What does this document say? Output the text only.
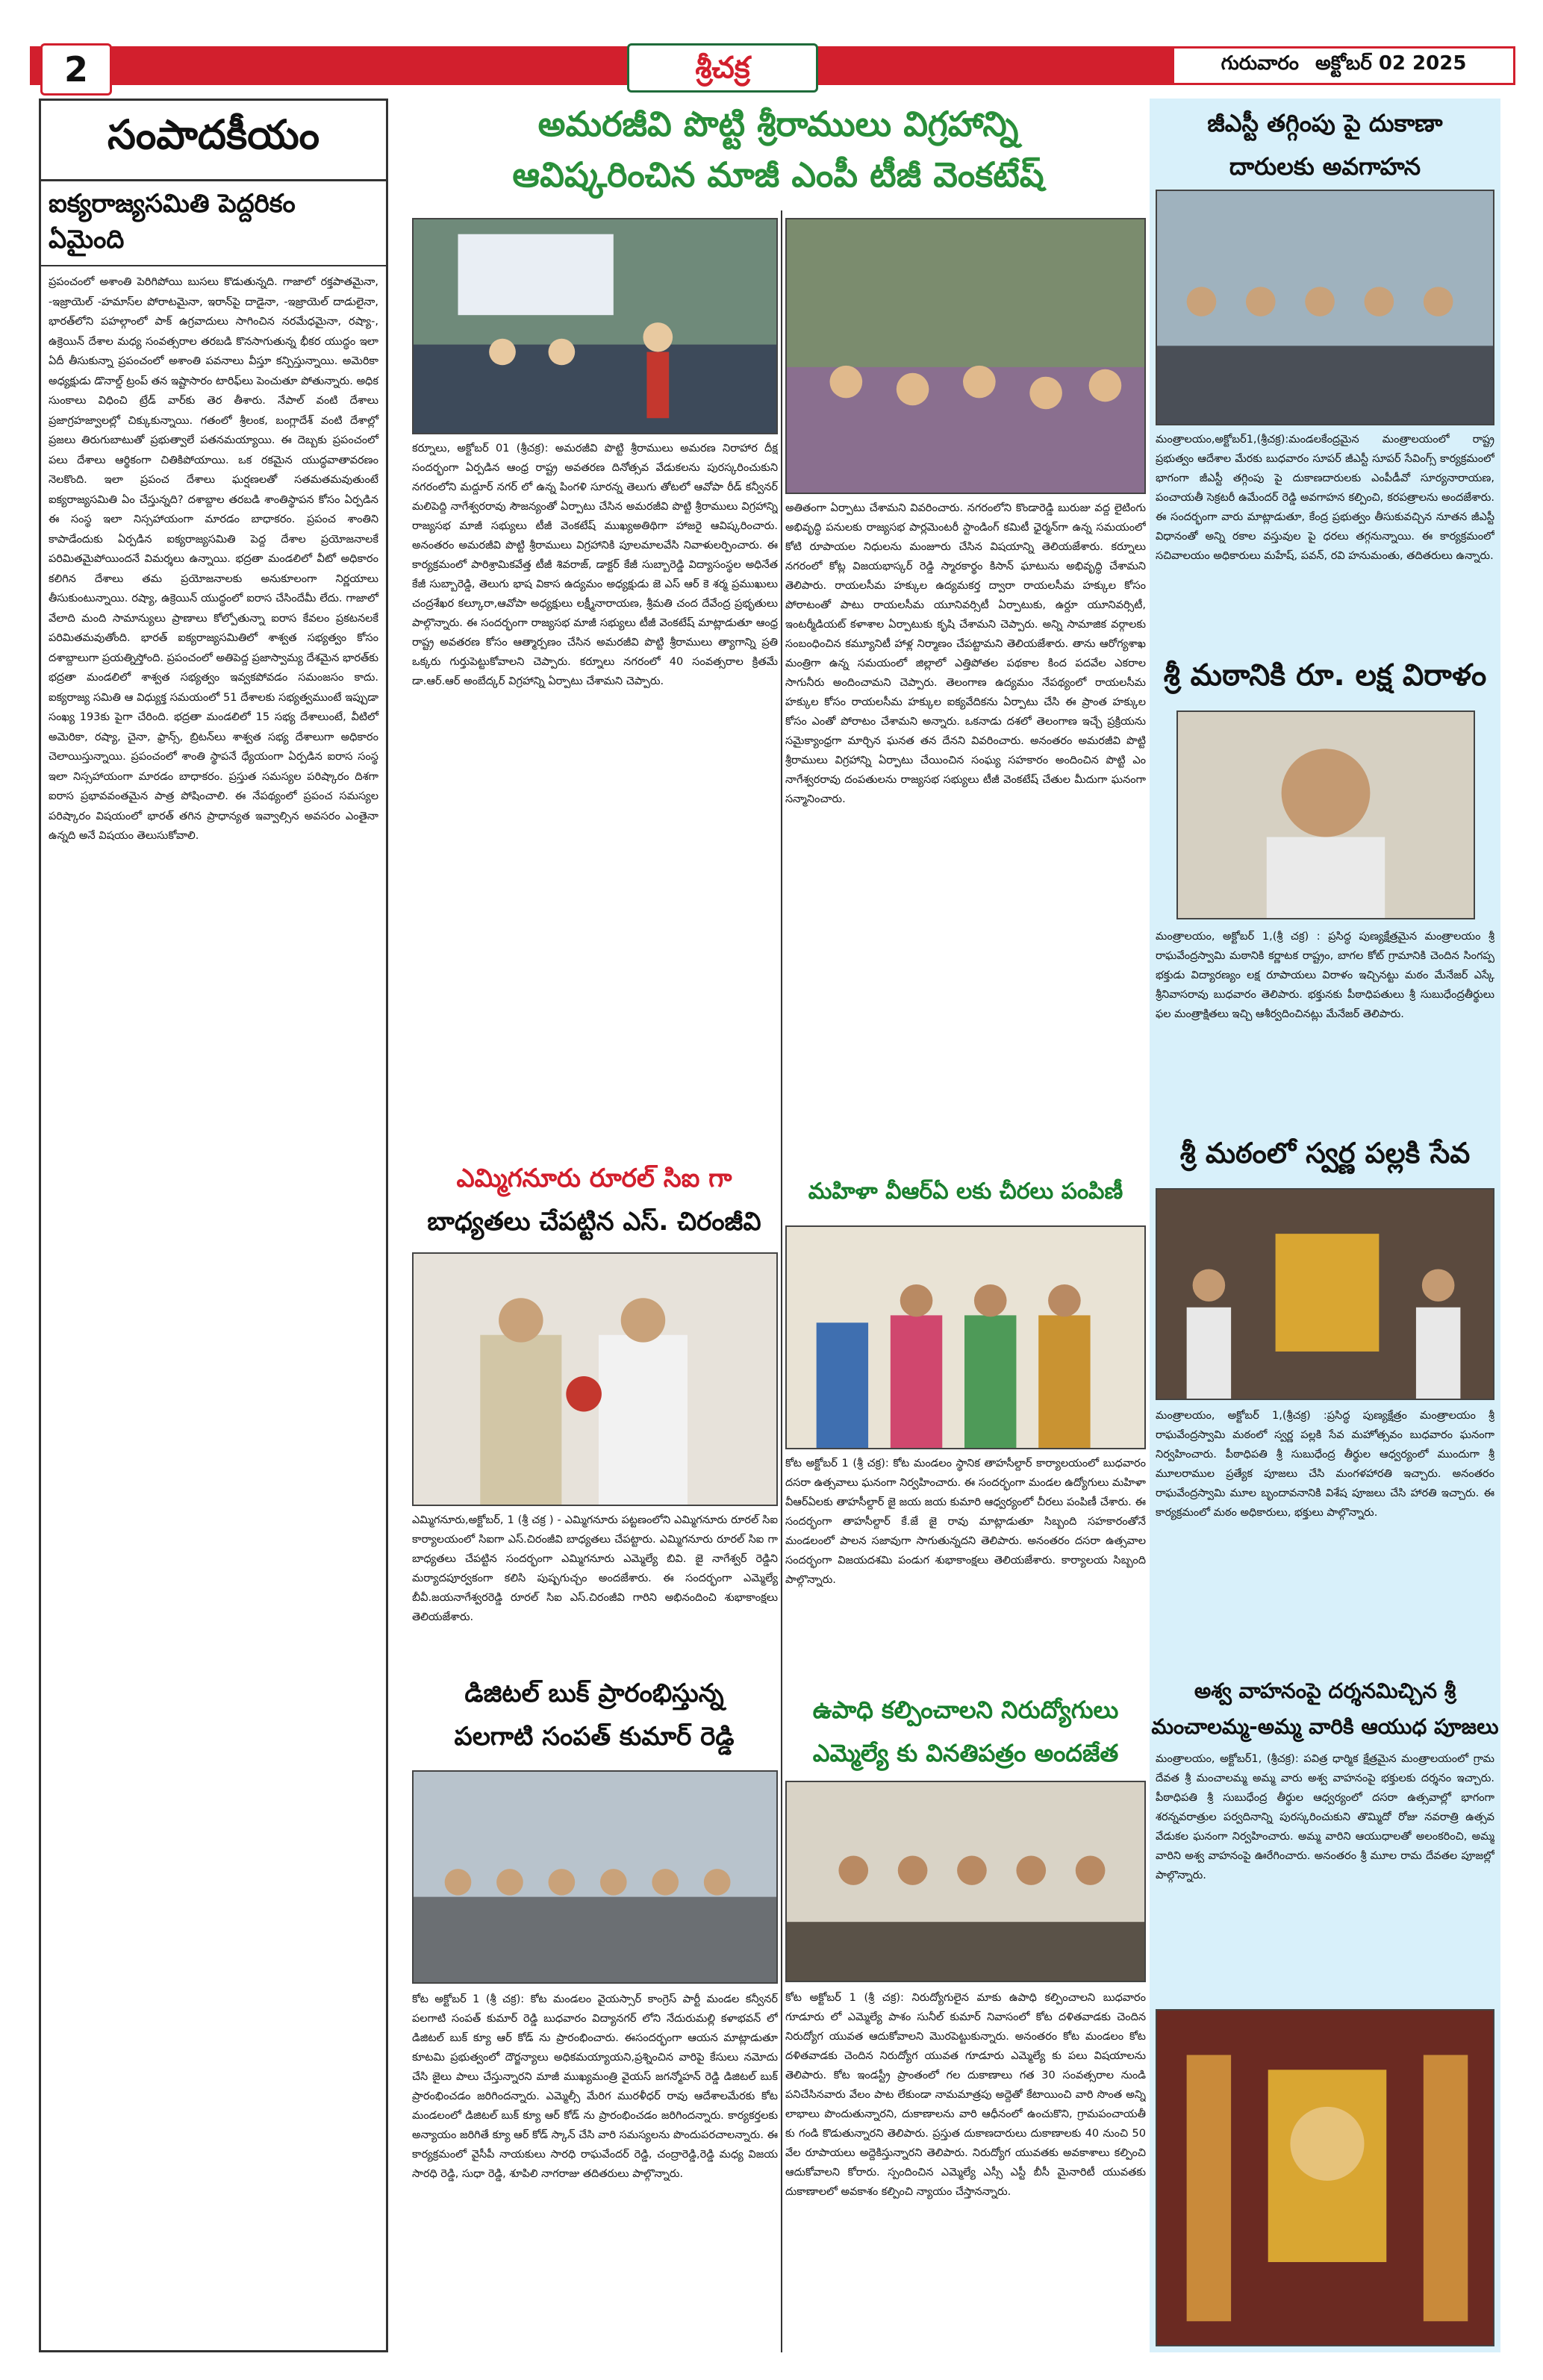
2	శ్రీచక్ర	గురువారం అక్టోబర్ 02 2025
సంపాదకీయం
ఐక్యరాజ్యసమితి పెద్దరికం ఏమైంది
ప్రపంచంలో అశాంతి పెరిగిపోయి బుసలు కొడుతున్నది. గాజాలో రక్తపాతమైనా, -ఇజ్రాయెల్ -హమాస్‌ల పోరాటమైనా, ఇరాన్‌పై దాడైనా, -ఇజ్రాయెల్ దాడులైనా, భారత్‌లోని పహల్గాంలో పాక్ ఉగ్రవాదులు సాగించిన నరమేధమైనా, రష్యా-, ఉక్రెయిన్ దేశాల మధ్య సంవత్సరాల తరబడి కొనసాగుతున్న భీకర యుద్ధం ఇలా ఏదీ తీసుకున్నా ప్రపంచంలో అశాంతి పవనాలు వీస్తూ కన్పిస్తున్నాయి. అమెరికా అధ్యక్షుడు డొనాల్డ్ ట్రంప్ తన ఇష్టాసారం టారిఫ్‌లు పెంచుతూ పోతున్నారు. అధిక సుంకాలు విధించి ట్రేడ్ వార్‌కు తెర తీశారు. నేపాల్ వంటి దేశాలు ప్రజాగ్రహజ్వాలల్లో చిక్కుకున్నాయి. గతంలో శ్రీలంక, బంగ్లాదేశ్ వంటి దేశాల్లో ప్రజలు తిరుగుబాటుతో ప్రభుత్వాలే పతనమయ్యాయి. ఈ దెబ్బకు ప్రపంచంలో పలు దేశాలు ఆర్థికంగా చితికిపోయాయి. ఒక రకమైన యుద్ధవాతావరణం నెలకొంది. ఇలా ప్రపంచ దేశాలు ఘర్షణలతో సతమతమవుతుంటే ఐక్యరాజ్యసమితి ఏం చేస్తున్నది? దశాబ్దాల తరబడి శాంతిస్థాపన కోసం ఏర్పడిన ఈ సంస్థ ఇలా నిస్సహాయంగా మారడం బాధాకరం. ప్రపంచ శాంతిని కాపాడేందుకు ఏర్పడిన ఐక్యరాజ్యసమితి పెద్ద దేశాల ప్రయోజనాలకే పరిమితమైపోయిందనే విమర్శలు ఉన్నాయి. భద్రతా మండలిలో వీటో అధికారం కలిగిన దేశాలు తమ ప్రయోజనాలకు అనుకూలంగా నిర్ణయాలు తీసుకుంటున్నాయి. రష్యా, ఉక్రెయిన్ యుద్ధంలో ఐరాస చేసిందేమీ లేదు. గాజాలో వేలాది మంది సామాన్యులు ప్రాణాలు కోల్పోతున్నా ఐరాస కేవలం ప్రకటనలకే పరిమితమవుతోంది. భారత్ ఐక్యరాజ్యసమితిలో శాశ్వత సభ్యత్వం కోసం దశాబ్దాలుగా ప్రయత్నిస్తోంది. ప్రపంచంలో అతిపెద్ద ప్రజాస్వామ్య దేశమైన భారత్‌కు భద్రతా మండలిలో శాశ్వత సభ్యత్వం ఇవ్వకపోవడం సమంజసం కాదు. ఐక్యరాజ్య సమితి ఆ విధ్యుక్త సమయంలో 51 దేశాలకు సభ్యత్వముంటే ఇప్పుడా సంఖ్య 193కు పైగా చేరింది. భద్రతా మండలిలో 15 సభ్య దేశాలుంటే, వీటిలో అమెరికా, రష్యా, చైనా, ఫ్రాన్స్, బ్రిటన్‌లు శాశ్వత సభ్య దేశాలుగా అధికారం చెలాయిస్తున్నాయి. ప్రపంచంలో శాంతి స్థాపనే ధ్యేయంగా ఏర్పడిన ఐరాస సంస్థ ఇలా నిస్సహాయంగా మారడం బాధాకరం. ప్రస్తుత సమస్యల పరిష్కారం దిశగా ఐరాస ప్రభావవంతమైన పాత్ర పోషించాలి. ఈ నేపథ్యంలో ప్రపంచ సమస్యల పరిష్కారం విషయంలో భారత్ తగిన ప్రాధాన్యత ఇవ్వాల్సిన అవసరం ఎంతైనా ఉన్నది అనే విషయం తెలుసుకోవాలి.
అమరజీవి పొట్టి శ్రీరాములు విగ్రహాన్ని
ఆవిష్కరించిన మాజీ ఎంపీ టీజీ వెంకటేష్
కర్నూలు, అక్టోబర్ 01 (శ్రీచక్ర): అమరజీవి పొట్టి శ్రీరాములు అమరణ నిరాహార దీక్ష సందర్భంగా ఏర్పడిన ఆంధ్ర రాష్ట్ర అవతరణ దినోత్సవ వేడుకలను పురస్కరించుకుని నగరంలోని మద్దూర్ నగర్ లో ఉన్న పింగళి సూరన్న తెలుగు తోటలో ఆవోపా రీడ్ కన్వీనర్ మలిపెద్ది నాగేశ్వరరావు సౌజన్యంతో ఏర్పాటు చేసిన అమరజీవి పొట్టి శ్రీరాములు విగ్రహాన్ని రాజ్యసభ మాజీ సభ్యులు టీజీ వెంకటేష్ ముఖ్యఅతిథిగా హాజరై ఆవిష్కరించారు. అనంతరం అమరజీవి పొట్టి శ్రీరాములు విగ్రహానికి పూలమాలవేసి నివాళులర్పించారు. ఈ కార్యక్రమంలో పారిశ్రామికవేత్త టీజీ శివరాజ్, డాక్టర్ కేజీ సుబ్బారెడ్డి విద్యాసంస్థల అధినేత కేజీ సుబ్బారెడ్డి, తెలుగు భాష వికాస ఉద్యమం అధ్యక్షుడు జె ఎస్ ఆర్ కె శర్మ ప్రముఖులు చంద్రశేఖర కల్కూరా,ఆవోపా అధ్యక్షులు లక్ష్మీనారాయణ, శ్రీమతి చంద దేవేంద్ర ప్రభృతులు పాల్గొన్నారు. ఈ సందర్భంగా రాజ్యసభ మాజీ సభ్యులు టీజీ వెంకటేష్ మాట్లాడుతూ ఆంధ్ర రాష్ట్ర అవతరణ కోసం ఆత్మార్పణం చేసిన అమరజీవి పొట్టి శ్రీరాములు త్యాగాన్ని ప్రతి ఒక్కరు గుర్తుపెట్టుకోవాలని చెప్పారు. కర్నూలు నగరంలో 40 సంవత్సరాల క్రితమే డా.ఆర్.ఆర్ అంబేద్కర్ విగ్రహాన్ని ఏర్పాటు చేశామని చెప్పారు.
అతితంగా ఏర్పాటు చేశామని వివరించారు. నగరంలోని కొండారెడ్డి బురుజు వద్ద లైటింగు అభివృద్ధి పనులకు రాజ్యసభ పార్లమెంటరీ స్టాండింగ్ కమిటీ ఛైర్మన్‌గా ఉన్న సమయంలో కోటి రూపాయల నిధులను మంజూరు చేసిన విషయాన్ని తెలియజేశారు. కర్నూలు నగరంలో కోట్ల విజయభాస్కర్ రెడ్డి స్మారకార్థం కిసాన్ ఘాటును అభివృద్ధి చేశామని తెలిపారు. రాయలసీమ హక్కుల ఉద్యమకర్త ద్వారా రాయలసీమ హక్కుల కోసం పోరాటంతో పాటు రాయలసీమ యూనివర్సిటీ ఏర్పాటుకు, ఉర్దూ యూనివర్సిటీ, ఇంటర్మీడియట్ కళాశాల ఏర్పాటుకు కృషి చేశామని చెప్పారు. అన్ని సామాజిక వర్గాలకు సంబంధించిన కమ్యూనిటీ హాళ్ల నిర్మాణం చేపట్టామని తెలియజేశారు. తాను ఆరోగ్యశాఖ మంత్రిగా ఉన్న సమయంలో జిల్లాలో ఎత్తిపోతల పథకాల కింద పదవేల ఎకరాల సాగునీరు అందించామని చెప్పారు. తెలంగాణ ఉద్యమం నేపథ్యంలో రాయలసీమ హక్కుల కోసం రాయలసీమ హక్కుల ఐక్యవేదికను ఏర్పాటు చేసి ఈ ప్రాంత హక్కుల కోసం ఎంతో పోరాటం చేశామని అన్నారు. ఒకనాడు దశలో తెలంగాణ ఇచ్చే ప్రక్రియను సమైక్యాంధ్రగా మార్చిన ఘనత తన దేనని వివరించారు. అనంతరం అమరజీవి పొట్టి శ్రీరాములు విగ్రహాన్ని ఏర్పాటు చేయించిన సంఘ్య సహకారం అందించిన పొట్టి ఎం నాగేశ్వరరావు దంపతులను రాజ్యసభ సభ్యులు టీజీ వెంకటేష్ చేతుల మీదుగా ఘనంగా సన్మానించారు.
ఎమ్మిగనూరు రూరల్ సిఐ గా
బాధ్యతలు చేపట్టిన ఎస్. చిరంజీవి
ఎమ్మిగనూరు,అక్టోబర్, 1 (శ్రీ చక్ర ) - ఎమ్మిగనూరు పట్టణంలోని ఎమ్మిగనూరు రూరల్ సిఐ కార్యాలయంలో సిఐగా ఎస్.చిరంజీవి బాధ్యతలు చేపట్టారు. ఎమ్మిగనూరు రూరల్ సిఐ గా బాధ్యతలు చేపట్టిన సందర్భంగా ఎమ్మిగనూరు ఎమ్మెల్యే బివి. జై నాగేశ్వర్ రెడ్డిని మర్యాదపూర్వకంగా కలిసి పుష్పగుచ్చం అందజేశారు. ఈ సందర్భంగా ఎమ్మెల్యే బీవీ.జయనాగేశ్వరరెడ్డి రూరల్ సిఐ ఎస్.చిరంజీవి గారిని అభినందించి శుభాకాంక్షలు తెలియజేశారు.
డిజిటల్ బుక్ ప్రారంభిస్తున్న
పలగాటి సంపత్ కుమార్ రెడ్డి
కోట అక్టోబర్ 1 (శ్రీ చక్ర): కోట మండలం వైయస్సార్ కాంగ్రెస్ పార్టీ మండల కన్వీనర్ పలగాటి సంపత్ కుమార్ రెడ్డి బుధవారం విద్యానగర్ లోని నేదురుమల్లి కళాభవన్ లో డిజిటల్ బుక్ క్యూ ఆర్ కోడ్ ను ప్రారంభించారు. ఈసందర్భంగా ఆయన మాట్లాడుతూ కూటమి ప్రభుత్వంలో దౌర్జన్యాలు అధికమయ్యాయని,ప్రశ్నించిన వారిపై కేసులు నమోదు చేసి జైలు పాలు చేస్తున్నారని మాజీ ముఖ్యమంత్రి వైయస్ జగన్మోహన్ రెడ్డి డిజిటల్ బుక్ ప్రారంభించడం జరిగిందన్నారు. ఎమ్మెల్సీ మేరిగ మురళీధర్ రావు ఆదేశాలమేరకు కోట మండలంలో డిజిటల్ బుక్ క్యూ ఆర్ కోడ్ ను ప్రారంభించడం జరిగిందన్నారు. కార్యకర్తలకు అన్యాయం జరిగితే క్యూ ఆర్ కోడ్ స్కాన్ చేసి వారి సమస్యలను పొందుపరచాలన్నారు. ఈ కార్యక్రమంలో వైసీపీ నాయకులు సారధి రాఘవేందర్ రెడ్డి, చంద్రారెడ్డి,రెడ్డి మధ్య విజయ సారధి రెడ్డి, సుధా రెడ్డి, శూపిలి నాగరాజు తదితరులు పాల్గొన్నారు.
మహిళా వీఆర్ఏ లకు చీరలు పంపిణీ
కోట అక్టోబర్ 1 (శ్రీ చక్ర): కోట మండలం స్థానిక తాహసీల్దార్ కార్యాలయంలో బుధవారం దసరా ఉత్సవాలు ఘనంగా నిర్వహించారు. ఈ సందర్భంగా మండల ఉద్యోగులు మహిళా వీఆర్ఏలకు తాహసీల్దార్ జై జయ జయ కుమారి ఆధ్వర్యంలో చీరలు పంపిణీ చేశారు. ఈ సందర్భంగా తాహసీల్దార్ కే.జే జై రావు మాట్లాడుతూ సిబ్బంది సహకారంతోనే మండలంలో పాలన సజావుగా సాగుతున్నదని తెలిపారు. అనంతరం దసరా ఉత్సవాల సందర్భంగా విజయదశమి పండుగ శుభాకాంక్షలు తెలియజేశారు. కార్యాలయ సిబ్బంది పాల్గొన్నారు.
ఉపాధి కల్పించాలని నిరుద్యోగులు
ఎమ్మెల్యే కు వినతిపత్రం అందజేత
కోట అక్టోబర్ 1 (శ్రీ చక్ర): నిరుద్యోగులైన మాకు ఉపాధి కల్పించాలని బుధవారం గూడూరు లో ఎమ్మెల్యే పాశం సునీల్ కుమార్ నివాసంలో కోట దళితవాడకు చెందిన నిరుద్యోగ యువత ఆదుకోవాలని మొరపెట్టుకున్నారు. అనంతరం కోట మండలం కోట దళితవాడకు చెందిన నిరుద్యోగ యువత గూడూరు ఎమ్మెల్యే కు పలు విషయాలను తెలిపారు. కోట ఇండస్ట్రీ ప్రాంతంలో గల దుకాణాలు గత 30 సంవత్సరాల నుండి పనిచేసినవారు వేలం పాట లేకుండా నామమాత్రపు అద్దెతో కేటాయించి వారి సొంత అన్ని లాభాలు పొందుతున్నారని, దుకాణాలను వారి ఆధీనంలో ఉంచుకొని, గ్రామపంచాయతీ కు గండి కొడుతున్నారని తెలిపారు. ప్రస్తుత దుకాణదారులు దుకాణాలకు 40 నుంచి 50 వేల రూపాయలు అద్దెకిస్తున్నారని తెలిపారు. నిరుద్యోగ యువతకు అవకాశాలు కల్పించి ఆదుకోవాలని కోరారు. స్పందించిన ఎమ్మెల్యే ఎస్సీ ఎస్టీ బీసీ మైనారిటీ యువతకు దుకాణాలలో అవకాశం కల్పించి న్యాయం చేస్తానన్నారు.
జీఎస్టీ తగ్గింపు పై దుకాణా
దారులకు అవగాహన
మంత్రాలయం,అక్టోబర్1,(శ్రీచక్ర):మండలకేంద్రమైన మంత్రాలయంలో రాష్ట్ర ప్రభుత్వం ఆదేశాల మేరకు బుధవారం సూపర్ జీఎస్టీ సూపర్ సేవింగ్స్ కార్యక్రమంలో భాగంగా జీఎస్టీ తగ్గింపు పై దుకాణదారులకు ఎంపీడీవో సూర్యనారాయణ, పంచాయతీ సెక్రటరీ ఉమేందర్ రెడ్డి అవగాహన కల్పించి, కరపత్రాలను అందజేశారు. ఈ సందర్భంగా వారు మాట్లాడుతూ, కేంద్ర ప్రభుత్వం తీసుకువచ్చిన నూతన జీఎస్టీ విధానంతో అన్ని రకాల వస్తువుల పై ధరలు తగ్గనున్నాయి. ఈ కార్యక్రమంలో సచివాలయం అధికారులు మహేష్, పవన్, రవి హనుమంతు, తదితరులు ఉన్నారు.
శ్రీ మఠానికి రూ. లక్ష విరాళం
మంత్రాలయం, అక్టోబర్ 1,(శ్రీ చక్ర) : ప్రసిద్ధ పుణ్యక్షేత్రమైన మంత్రాలయం శ్రీ రాఘవేంద్రస్వామి మఠానికి కర్ణాటక రాష్ట్రం, బాగల కోట్ గ్రామానికి చెందిన సింగప్ప భక్తుడు విద్యారణ్యం లక్ష రూపాయలు విరాళం ఇచ్చినట్టు మఠం మేనేజర్ ఎస్కే శ్రీనివాసరావు బుధవారం తెలిపారు. భక్తునకు పీఠాధిపతులు శ్రీ సుబుధేంద్రతీర్థులు ఫల మంత్రాక్షితలు ఇచ్చి ఆశీర్వదించినట్లు మేనేజర్ తెలిపారు.
శ్రీ మఠంలో స్వర్ణ పల్లకి సేవ
మంత్రాలయం, అక్టోబర్ 1,(శ్రీచక్ర) :ప్రసిద్ధ పుణ్యక్షేత్రం మంత్రాలయం శ్రీ రాఘవేంద్రస్వామి మఠంలో స్వర్ణ పల్లకి సేవ మహోత్సవం బుధవారం ఘనంగా నిర్వహించారు. పీఠాధిపతి శ్రీ సుబుధేంద్ర తీర్థుల ఆధ్వర్యంలో ముందుగా శ్రీ మూలరాముల ప్రత్యేక పూజలు చేసి మంగళహారతి ఇచ్చారు. అనంతరం రాఘవేంద్రస్వామి మూల బృందావనానికి విశేష పూజలు చేసి హారతి ఇచ్చారు. ఈ కార్యక్రమంలో మఠం అధికారులు, భక్తులు పాల్గొన్నారు.
అశ్వ వాహనంపై దర్శనమిచ్చిన శ్రీ
మంచాలమ్మ-అమ్మ వారికి ఆయుధ పూజలు
మంత్రాలయం, అక్టోబర్1, (శ్రీచక్ర): పవిత్ర ధార్మిక క్షేత్రమైన మంత్రాలయంలో గ్రామ దేవత శ్రీ మంచాలమ్మ అమ్మ వారు అశ్వ వాహనంపై భక్తులకు దర్శనం ఇచ్చారు. పీఠాధిపతి శ్రీ సుబుధేంద్ర తీర్థుల ఆధ్వర్యంలో దసరా ఉత్సవాల్లో భాగంగా శరన్నవరాత్రుల పర్వదినాన్ని పురస్కరించుకుని తొమ్మిదో రోజు నవరాత్రి ఉత్సవ వేడుకల ఘనంగా నిర్వహించారు. అమ్మ వారిని ఆయుధాలతో అలంకరించి, అమ్మ వారిని అశ్వ వాహనంపై ఊరేగించారు. అనంతరం శ్రీ మూల రామ దేవతల పూజల్లో పాల్గొన్నారు.
